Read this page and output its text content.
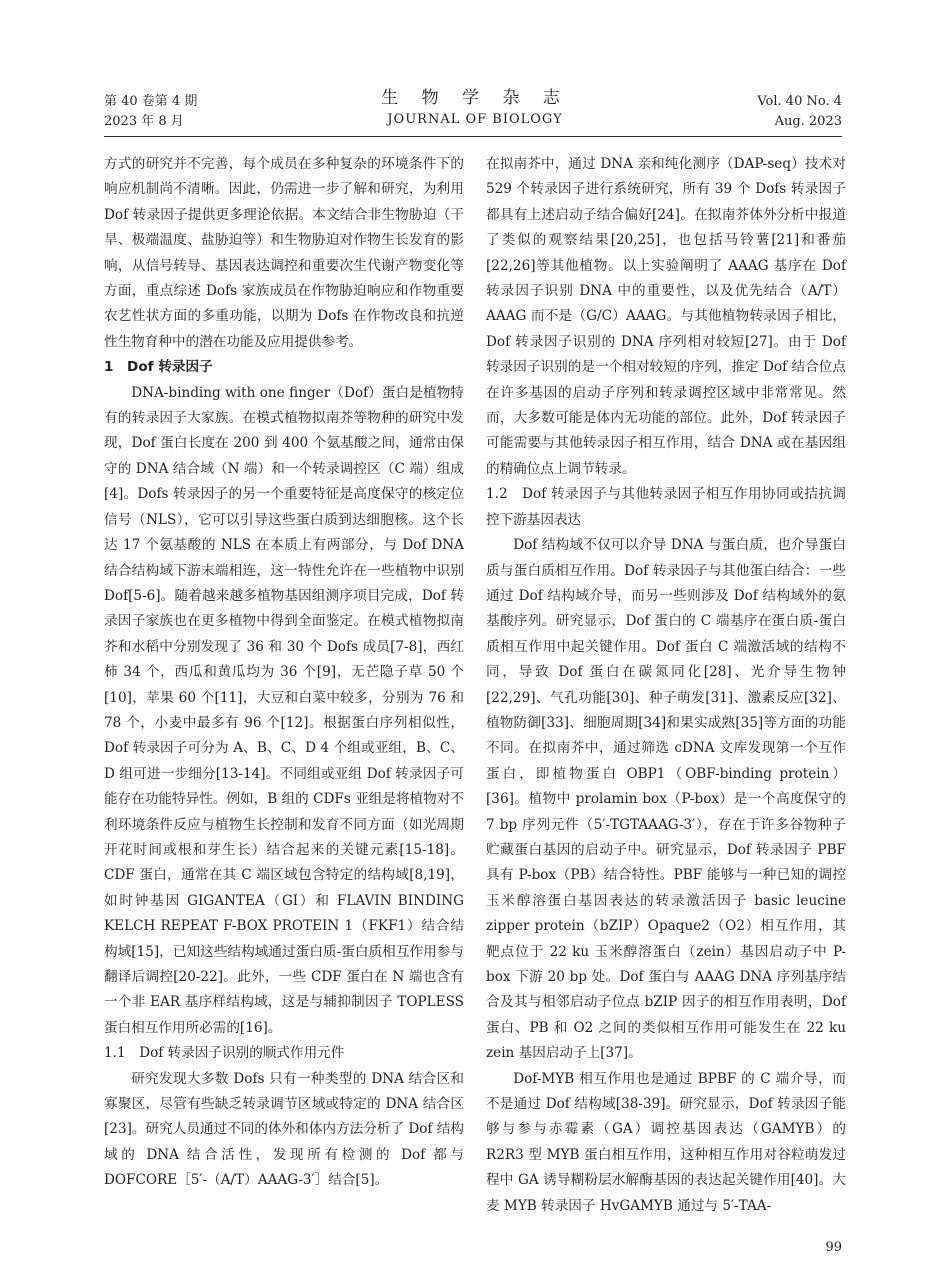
第 40 卷第 4 期
2023 年 8 月
生 物 学 杂 志
JOURNAL OF BIOLOGY
Vol. 40 No. 4
Aug. 2023

方式的研究并不完善，每个成员在多种复杂的环境条件下的响应机制尚不清晰。因此，仍需进一步了解和研究，为利用 Dof 转录因子提供更多理论依据。本文结合非生物胁迫（干旱、极端温度、盐胁迫等）和生物胁迫对作物生长发育的影响，从信号转导、基因表达调控和重要次生代谢产物变化等方面，重点综述 Dofs 家族成员在作物胁迫响应和作物重要农艺性状方面的多重功能，以期为 Dofs 在作物改良和抗逆性生物育种中的潜在功能及应用提供参考。

1　Dof 转录因子

DNA-binding with one finger（Dof）蛋白是植物特有的转录因子大家族。在模式植物拟南芥等物种的研究中发现，Dof 蛋白长度在 200 到 400 个氨基酸之间，通常由保守的 DNA 结合域（N 端）和一个转录调控区（C 端）组成[4]。Dofs 转录因子的另一个重要特征是高度保守的核定位信号（NLS），它可以引导这些蛋白质到达细胞核。这个长达 17 个氨基酸的 NLS 在本质上有两部分，与 Dof DNA 结合结构域下游末端相连，这一特性允许在一些植物中识别 Dof[5-6]。随着越来越多植物基因组测序项目完成，Dof 转录因子家族也在更多植物中得到全面鉴定。在模式植物拟南芥和水稻中分别发现了 36 和 30 个 Dofs 成员[7-8]，西红柿 34 个，西瓜和黄瓜均为 36 个[9]，无芒隐子草 50 个[10]，苹果 60 个[11]，大豆和白菜中较多，分别为 76 和 78 个，小麦中最多有 96 个[12]。根据蛋白序列相似性，Dof 转录因子可分为 A、B、C、D 4 个组或亚组，B、C、D 组可进一步细分[13-14]。不同组或亚组 Dof 转录因子可能存在功能特异性。例如，B 组的 CDFs 亚组是将植物对不利环境条件反应与植物生长控制和发育不同方面（如光周期开花时间或根和芽生长）结合起来的关键元素[15-18]。CDF 蛋白，通常在其 C 端区域包含特定的结构域[8,19]，如时钟基因 GIGANTEA（GI）和 FLAVIN BINDING KELCH REPEAT F-BOX PROTEIN 1（FKF1）结合结构域[15]，已知这些结构域通过蛋白质-蛋白质相互作用参与翻译后调控[20-22]。此外，一些 CDF 蛋白在 N 端也含有一个非 EAR 基序样结构域，这是与辅抑制因子 TOPLESS 蛋白相互作用所必需的[16]。

1.1　Dof 转录因子识别的顺式作用元件

研究发现大多数 Dofs 只有一种类型的 DNA 结合区和寡聚区，尽管有些缺乏转录调节区域或特定的 DNA 结合区[23]。研究人员通过不同的体外和体内方法分析了 Dof 结构域的 DNA 结合活性，发现所有检测的 Dof 都与 DOFCORE［5′-（A/T）AAAG-3′］结合[5]。

在拟南芥中，通过 DNA 亲和纯化测序（DAP-seq）技术对 529 个转录因子进行系统研究，所有 39 个 Dofs 转录因子都具有上述启动子结合偏好[24]。在拟南芥体外分析中报道了类似的观察结果[20,25]，也包括马铃薯[21]和番茄[22,26]等其他植物。以上实验阐明了 AAAG 基序在 Dof 转录因子识别 DNA 中的重要性，以及优先结合（A/T）AAAG 而不是（G/C）AAAG。与其他植物转录因子相比，Dof 转录因子识别的 DNA 序列相对较短[27]。由于 Dof 转录因子识别的是一个相对较短的序列，推定 Dof 结合位点在许多基因的启动子序列和转录调控区域中非常常见。然而，大多数可能是体内无功能的部位。此外，Dof 转录因子可能需要与其他转录因子相互作用，结合 DNA 或在基因组的精确位点上调节转录。

1.2　Dof 转录因子与其他转录因子相互作用协同或拮抗调控下游基因表达

Dof 结构域不仅可以介导 DNA 与蛋白质，也介导蛋白质与蛋白质相互作用。Dof 转录因子与其他蛋白结合：一些通过 Dof 结构域介导，而另一些则涉及 Dof 结构域外的氨基酸序列。研究显示，Dof 蛋白的 C 端基序在蛋白质-蛋白质相互作用中起关键作用。Dof 蛋白 C 端激活域的结构不同，导致 Dof 蛋白在碳氮同化[28]、光介导生物钟[22,29]、气孔功能[30]、种子萌发[31]、激素反应[32]、植物防御[33]、细胞周期[34]和果实成熟[35]等方面的功能不同。在拟南芥中，通过筛选 cDNA 文库发现第一个互作蛋白，即植物蛋白 OBP1（OBF-binding protein）[36]。植物中 prolamin box（P-box）是一个高度保守的 7 bp 序列元件（5′-TGTAAAG-3′），存在于许多谷物种子贮藏蛋白基因的启动子中。研究显示，Dof 转录因子 PBF 具有 P-box（PB）结合特性。PBF 能够与一种已知的调控玉米醇溶蛋白基因表达的转录激活因子 basic leucine zipper protein（bZIP）Opaque2（O2）相互作用，其靶点位于 22 ku 玉米醇溶蛋白（zein）基因启动子中 P-box 下游 20 bp 处。Dof 蛋白与 AAAG DNA 序列基序结合及其与相邻启动子位点 bZIP 因子的相互作用表明，Dof 蛋白、PB 和 O2 之间的类似相互作用可能发生在 22 ku zein 基因启动子上[37]。

Dof-MYB 相互作用也是通过 BPBF 的 C 端介导，而不是通过 Dof 结构域[38-39]。研究显示，Dof 转录因子能够与参与赤霉素（GA）调控基因表达（GAMYB）的 R2R3 型 MYB 蛋白相互作用，这种相互作用对谷粒萌发过程中 GA 诱导糊粉层水解酶基因的表达起关键作用[40]。大麦 MYB 转录因子 HvGAMYB 通过与 5′-TAA-

99
